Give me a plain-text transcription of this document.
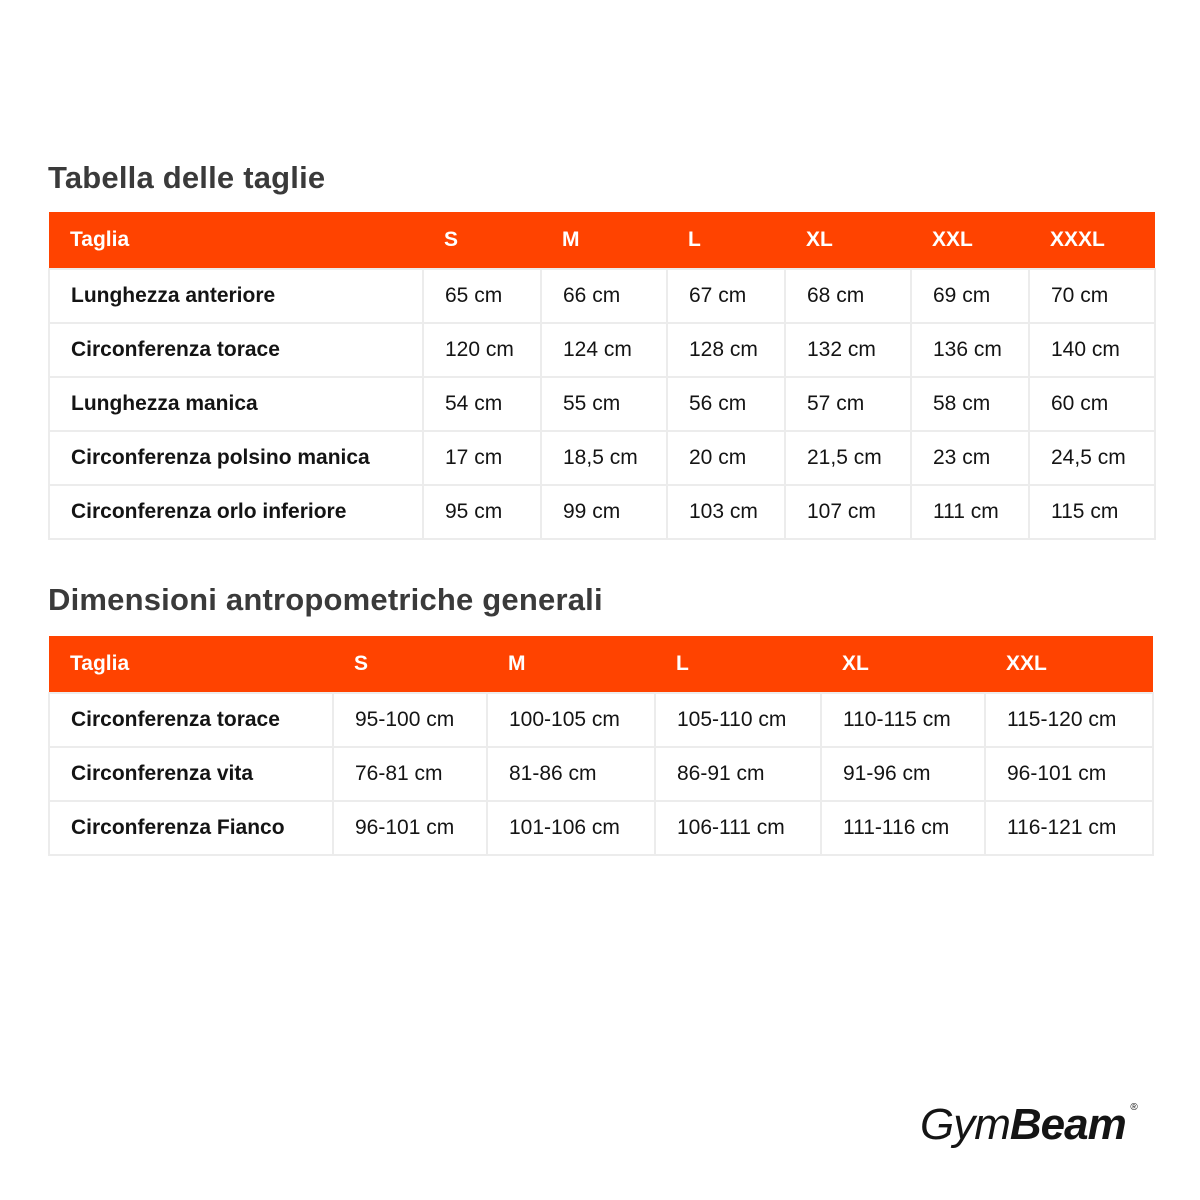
Tabella delle taglie
Taglia	S	M	L	XL	XXL	XXXL
Lunghezza anteriore	65 cm	66 cm	67 cm	68 cm	69 cm	70 cm
Circonferenza torace	120 cm	124 cm	128 cm	132 cm	136 cm	140 cm
Lunghezza manica	54 cm	55 cm	56 cm	57 cm	58 cm	60 cm
Circonferenza polsino manica	17 cm	18,5 cm	20 cm	21,5 cm	23 cm	24,5 cm
Circonferenza orlo inferiore	95 cm	99 cm	103 cm	107 cm	111 cm	115 cm
Dimensioni antropometriche generali
Taglia	S	M	L	XL	XXL
Circonferenza torace	95-100 cm	100-105 cm	105-110 cm	110-115 cm	115-120 cm
Circonferenza vita	76-81 cm	81-86 cm	86-91 cm	91-96 cm	96-101 cm
Circonferenza Fianco	96-101 cm	101-106 cm	106-111 cm	111-116 cm	116-121 cm
GymBeam ®
